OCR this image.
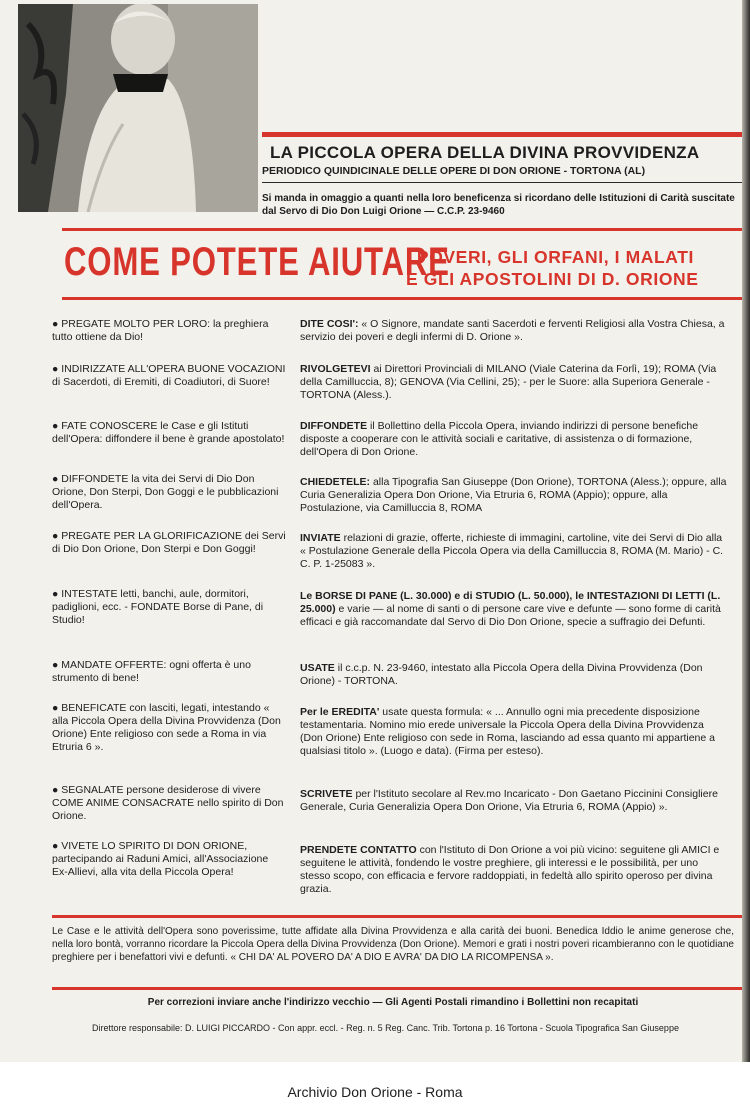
LA PICCOLA OPERA DELLA DIVINA PROVVIDENZA
PERIODICO QUINDICINALE DELLE OPERE DI DON ORIONE - TORTONA (AL)
Si manda in omaggio a quanti nella loro beneficenza si ricordano delle Istituzioni di Carità suscitate dal Servo di Dio Don Luigi Orione — C.C.P. 23-9460
COME POTETE AIUTARE
I POVERI, GLI ORFANI, I MALATI
E GLI APOSTOLINI DI D. ORIONE
● PREGATE MOLTO PER LORO: la preghiera tutto ottiene da Dio!
● INDIRIZZATE ALL'OPERA BUONE VOCAZIONI di Sacerdoti, di Eremiti, di Coadiutori, di Suore!
● FATE CONOSCERE le Case e gli Istituti dell'Opera: diffondere il bene è grande apostolato!
● DIFFONDETE la vita dei Servi di Dio Don Orione, Don Sterpi, Don Goggi e le pubblicazioni dell'Opera.
● PREGATE PER LA GLORIFICAZIONE dei Servi di Dio Don Orione, Don Sterpi e Don Goggi!
● INTESTATE letti, banchi, aule, dormitori, padiglioni, ecc. - FONDATE Borse di Pane, di Studio!
● MANDATE OFFERTE: ogni offerta è uno strumento di bene!
● BENEFICATE con lasciti, legati, intestando « alla Piccola Opera della Divina Provvidenza (Don Orione) Ente religioso con sede a Roma in via Etruria 6 ».
● SEGNALATE persone desiderose di vivere COME ANIME CONSACRATE nello spirito di Don Orione.
● VIVETE LO SPIRITO DI DON ORIONE, partecipando ai Raduni Amici, all'Associazione Ex-Allievi, alla vita della Piccola Opera!
DITE COSI': « O Signore, mandate santi Sacerdoti e ferventi Religiosi alla Vostra Chiesa, a servizio dei poveri e degli infermi di D. Orione ».
RIVOLGETEVI ai Direttori Provinciali di MILANO (Viale Caterina da Forlì, 19); ROMA (Via della Camilluccia, 8); GENOVA (Via Cellini, 25); - per le Suore: alla Superiora Generale - TORTONA (Aless.).
DIFFONDETE il Bollettino della Piccola Opera, inviando indirizzi di persone benefiche disposte a cooperare con le attività sociali e caritative, di assistenza o di formazione, dell'Opera di Don Orione.
CHIEDETELE: alla Tipografia San Giuseppe (Don Orione), TORTONA (Aless.); oppure, alla Curia Generalizia Opera Don Orione, Via Etruria 6, ROMA (Appio); oppure, alla Postulazione, via Camilluccia 8, ROMA
INVIATE relazioni di grazie, offerte, richieste di immagini, cartoline, vite dei Servi di Dio alla « Postulazione Generale della Piccola Opera via della Camilluccia 8, ROMA (M. Mario) - C. C. P. 1-25083 ».
Le BORSE DI PANE (L. 30.000) e di STUDIO (L. 50.000), le INTESTAZIONI DI LETTI (L. 25.000) e varie — al nome di santi o di persone care vive e defunte — sono forme di carità efficaci e già raccomandate dal Servo di Dio Don Orione, specie a suffragio dei Defunti.
USATE il c.c.p. N. 23-9460, intestato alla Piccola Opera della Divina Provvidenza (Don Orione) - TORTONA.
Per le EREDITA' usate questa formula: « ... Annullo ogni mia precedente disposizione testamentaria. Nomino mio erede universale la Piccola Opera della Divina Provvidenza (Don Orione) Ente religioso con sede in Roma, lasciando ad essa quanto mi appartiene a qualsiasi titolo ». (Luogo e data). (Firma per esteso).
SCRIVETE per l'Istituto secolare al Rev.mo Incaricato - Don Gaetano Piccinini Consigliere Generale, Curia Generalizia Opera Don Orione, Via Etruria 6, ROMA (Appio) ».
PRENDETE CONTATTO con l'Istituto di Don Orione a voi più vicino: seguitene gli AMICI e seguitene le attività, fondendo le vostre preghiere, gli interessi e le possibilità, per uno stesso scopo, con efficacia e fervore raddoppiati, in fedeltà allo spirito operoso per divina grazia.
Le Case e le attività dell'Opera sono poverissime, tutte affidate alla Divina Provvidenza e alla carità dei buoni. Benedica Iddio le anime generose che, nella loro bontà, vorranno ricordare la Piccola Opera della Divina Provvidenza (Don Orione). Memori e grati i nostri poveri ricambieranno con le quotidiane preghiere per i benefattori vivi e defunti. « CHI DA' AL POVERO DA' A DIO E AVRA' DA DIO LA RICOMPENSA ».
Per correzioni inviare anche l'indirizzo vecchio — Gli Agenti Postali rimandino i Bollettini non recapitati
Direttore responsabile: D. LUIGI PICCARDO - Con appr. eccl. - Reg. n. 5 Reg. Canc. Trib. Tortona p. 16 Tortona - Scuola Tipografica San Giuseppe
Archivio Don Orione - Roma
